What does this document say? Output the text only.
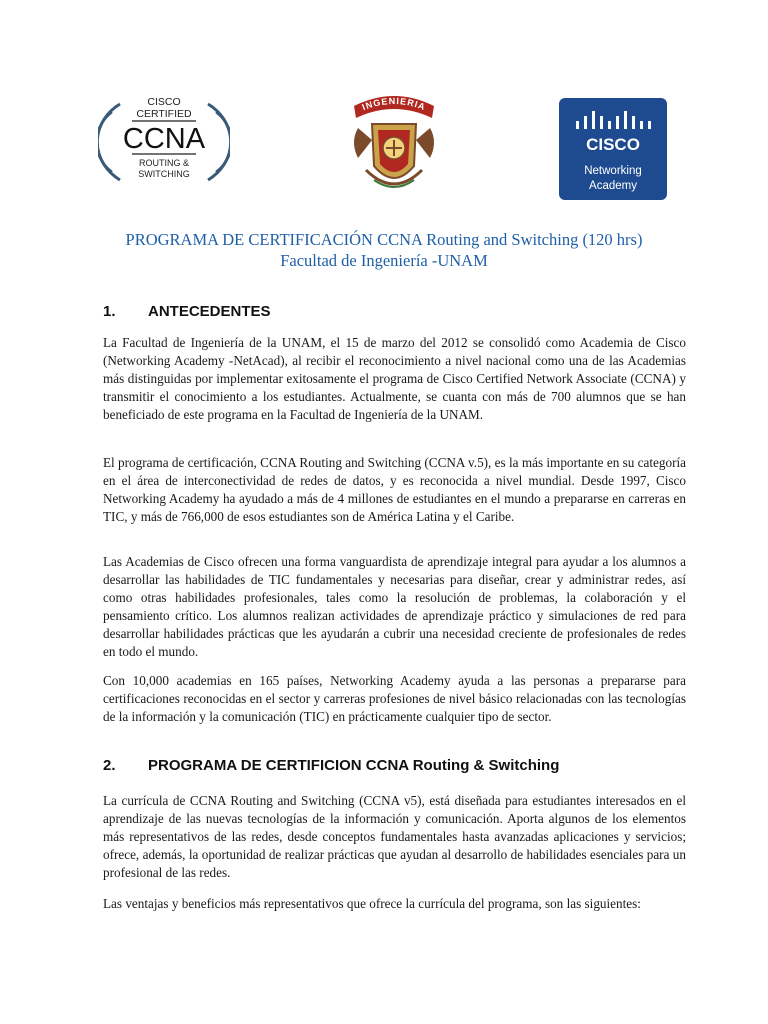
CISCO
CERTIFIED
CCNA
ROUTING &
SWITCHING
INGENIERIA
CISCO
Networking
Academy
PROGRAMA DE CERTIFICACIÓN CCNA Routing and Switching (120 hrs)
Facultad de Ingeniería -UNAM
1. ANTECEDENTES

La Facultad de Ingeniería de la UNAM, el 15 de marzo del 2012 se consolidó como Academia de Cisco (Networking Academy -NetAcad), al recibir el reconocimiento a nivel nacional como una de las Academias más distinguidas por implementar exitosamente el programa de Cisco Certified Network Associate (CCNA) y transmitir el conocimiento a los estudiantes. Actualmente, se cuanta con más de 700 alumnos que se han beneficiado de este programa en la Facultad de Ingeniería de la UNAM.

El programa de certificación, CCNA Routing and Switching (CCNA v.5), es la más importante en su categoría en el área de interconectividad de redes de datos, y es reconocida a nivel mundial. Desde 1997, Cisco Networking Academy ha ayudado a más de 4 millones de estudiantes en el mundo a prepararse en carreras en TIC, y más de 766,000 de esos estudiantes son de América Latina y el Caribe.

Las Academias de Cisco ofrecen una forma vanguardista de aprendizaje integral para ayudar a los alumnos a desarrollar las habilidades de TIC fundamentales y necesarias para diseñar, crear y administrar redes, así como otras habilidades profesionales, tales como la resolución de problemas, la colaboración y el pensamiento crítico. Los alumnos realizan actividades de aprendizaje práctico y simulaciones de red para desarrollar habilidades prácticas que les ayudarán a cubrir una necesidad creciente de profesionales de redes en todo el mundo.

Con 10,000 academias en 165 países, Networking Academy ayuda a las personas a prepararse para certificaciones reconocidas en el sector y carreras profesiones de nivel básico relacionadas con las tecnologías de la información y la comunicación (TIC) en prácticamente cualquier tipo de sector.

2. PROGRAMA DE CERTIFICION CCNA Routing & Switching

La currícula de CCNA Routing and Switching (CCNA v5), está diseñada para estudiantes interesados en el aprendizaje de las nuevas tecnologías de la información y comunicación. Aporta algunos de los elementos más representativos de las redes, desde conceptos fundamentales hasta avanzadas aplicaciones y servicios; ofrece, además, la oportunidad de realizar prácticas que ayudan al desarrollo de habilidades esenciales para un profesional de las redes.

Las ventajas y beneficios más representativos que ofrece la currícula del programa, son las siguientes:
